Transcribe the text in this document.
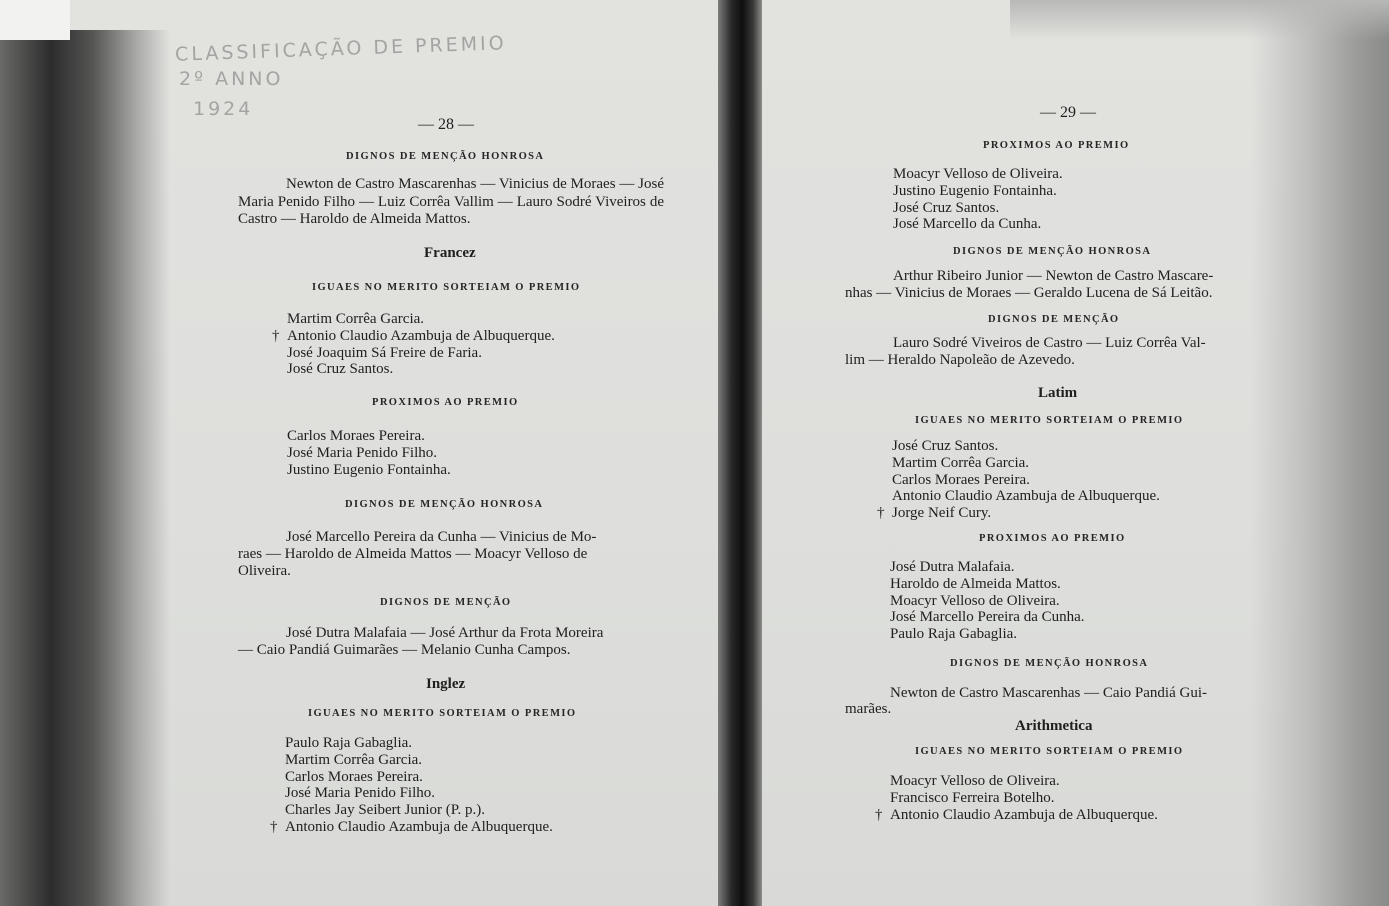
CLASSIFICAÇÃO DE PREMIO
2º ANNO
1924
— 28 —
DIGNOS DE MENÇÃO HONROSA
Newton de Castro Mascarenhas — Vinicius de Moraes — José Maria Penido Filho — Luiz Corrêa Vallim — Lauro Sodré Viveiros de Castro — Haroldo de Almeida Mattos.
Francez
IGUAES NO MERITO SORTEIAM O PREMIO
Martim Corrêa Garcia.
† Antonio Claudio Azambuja de Albuquerque.
José Joaquim Sá Freire de Faria.
José Cruz Santos.
PROXIMOS AO PREMIO
Carlos Moraes Pereira.
José Maria Penido Filho.
Justino Eugenio Fontainha.
DIGNOS DE MENÇÃO HONROSA
José Marcello Pereira da Cunha — Vinicius de Mo-
raes — Haroldo de Almeida Mattos — Moacyr Velloso de
Oliveira.
DIGNOS DE MENÇÃO
José Dutra Malafaia — José Arthur da Frota Moreira
— Caio Pandiá Guimarães — Melanio Cunha Campos.
Inglez
IGUAES NO MERITO SORTEIAM O PREMIO
Paulo Raja Gabaglia.
Martim Corrêa Garcia.
Carlos Moraes Pereira.
José Maria Penido Filho.
Charles Jay Seibert Junior (P. p.).
† Antonio Claudio Azambuja de Albuquerque.
— 29 —
PROXIMOS AO PREMIO
Moacyr Velloso de Oliveira.
Justino Eugenio Fontainha.
José Cruz Santos.
José Marcello da Cunha.
DIGNOS DE MENÇÃO HONROSA
Arthur Ribeiro Junior — Newton de Castro Mascare-
nhas — Vinicius de Moraes — Geraldo Lucena de Sá Leitão.
DIGNOS DE MENÇÃO
Lauro Sodré Viveiros de Castro — Luiz Corrêa Val-
lim — Heraldo Napoleão de Azevedo.
Latim
IGUAES NO MERITO SORTEIAM O PREMIO
José Cruz Santos.
Martim Corrêa Garcia.
Carlos Moraes Pereira.
Antonio Claudio Azambuja de Albuquerque.
† Jorge Neif Cury.
PROXIMOS AO PREMIO
José Dutra Malafaia.
Haroldo de Almeida Mattos.
Moacyr Velloso de Oliveira.
José Marcello Pereira da Cunha.
Paulo Raja Gabaglia.
DIGNOS DE MENÇÃO HONROSA
Newton de Castro Mascarenhas — Caio Pandiá Gui-
marães.
Arithmetica
IGUAES NO MERITO SORTEIAM O PREMIO
Moacyr Velloso de Oliveira.
Francisco Ferreira Botelho.
† Antonio Claudio Azambuja de Albuquerque.
